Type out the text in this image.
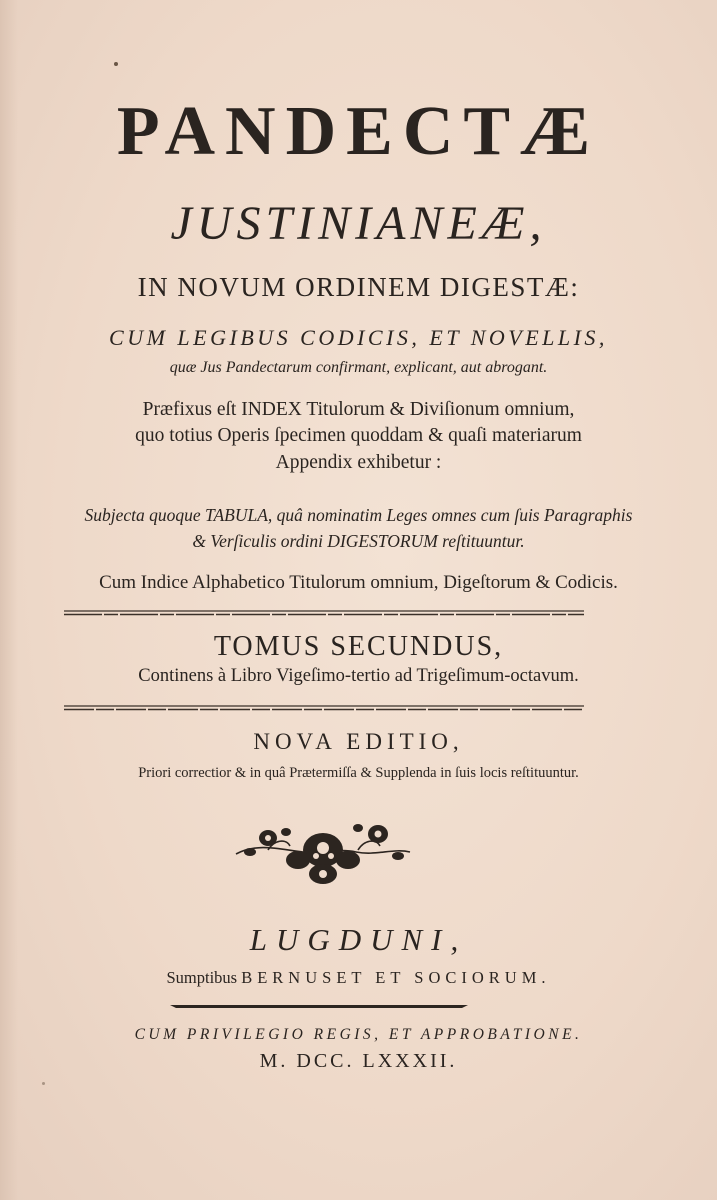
PANDECTÆ
JUSTINIANEÆ,
IN NOVUM ORDINEM DIGESTÆ:
CUM LEGIBUS CODICIS, ET NOVELLIS,
quæ Jus Pandectarum confirmant, explicant, aut abrogant.
Præfixus eſt INDEX Titulorum & Diviſionum omnium,
quo totius Operis ſpecimen quoddam & quaſi materiarum
Appendix exhibetur :
Subjecta quoque TABULA, quâ nominatim Leges omnes cum ſuis Paragraphis
& Verſiculis ordini DIGESTORUM reſtituuntur.
Cum Indice Alphabetico Titulorum omnium, Digeſtorum & Codicis.
TOMUS SECUNDUS,
Continens à Libro Vigeſimo-tertio ad Trigeſimum-octavum.
NOVA EDITIO,
Priori correctior & in quâ Prætermiſſa & Supplenda in ſuis locis reſtituuntur.
LUGDUNI,
Sumptibus BERNUSET ET SOCIORUM.
CUM PRIVILEGIO REGIS, ET APPROBATIONE.
M. DCC. LXXXII.
